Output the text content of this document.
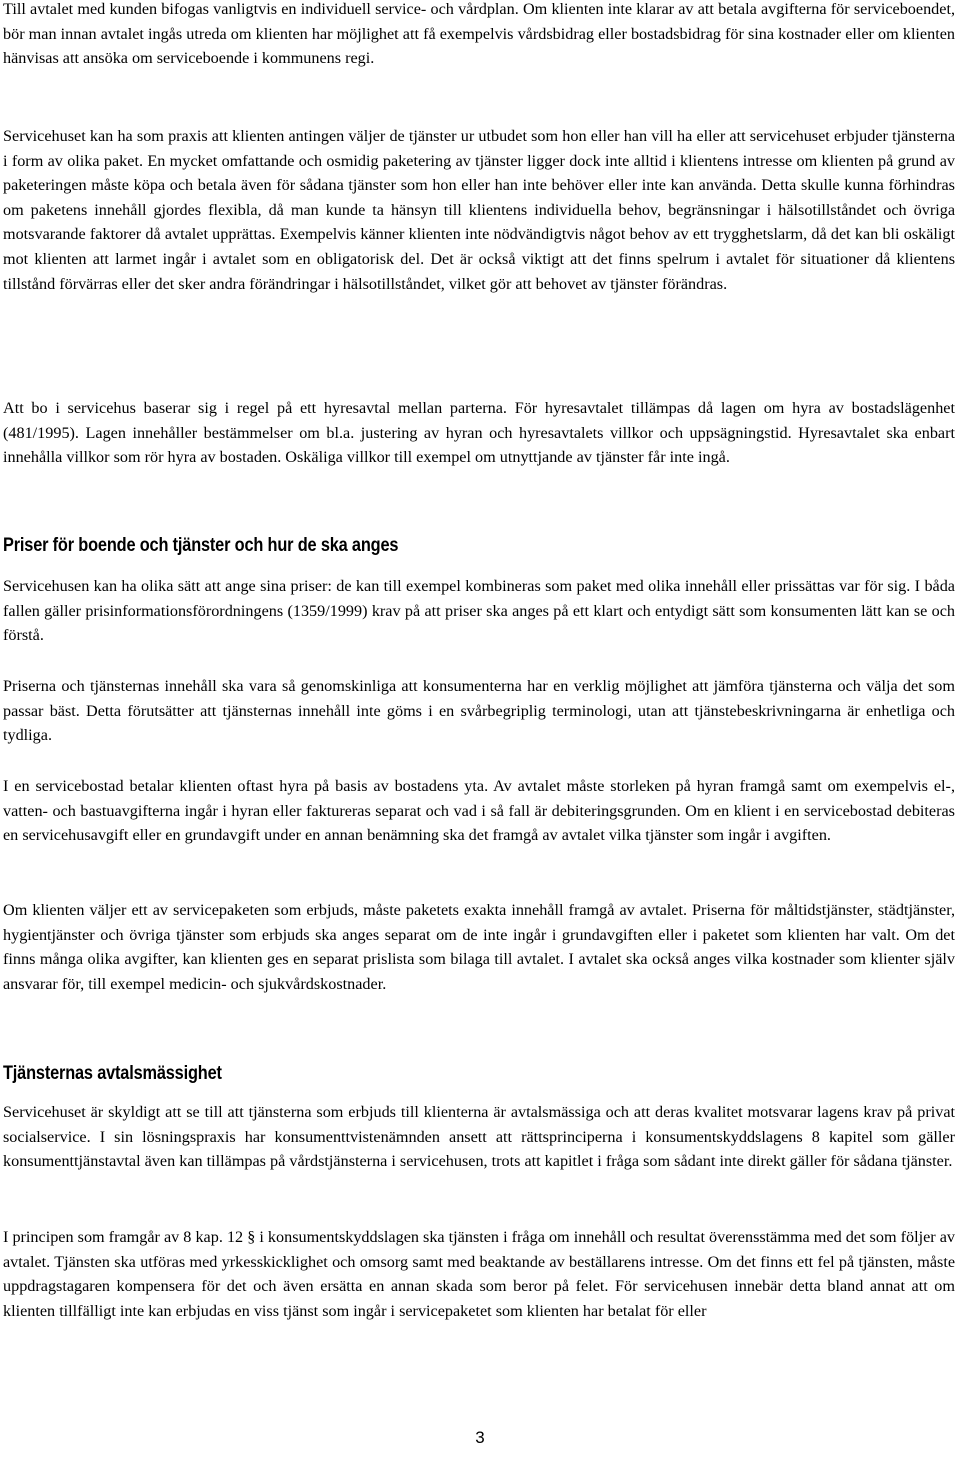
Till avtalet med kunden bifogas vanligtvis en individuell service- och vårdplan. Om klienten inte klarar av att betala avgifterna för serviceboendet, bör man innan avtalet ingås utreda om klienten har möjlighet att få exempelvis vårdsbidrag eller bostadsbidrag för sina kostnader eller om klienten hänvisas att ansöka om serviceboende i kommunens regi.

Servicehuset kan ha som praxis att klienten antingen väljer de tjänster ur utbudet som hon eller han vill ha eller att servicehuset erbjuder tjänsterna i form av olika paket. En mycket omfattande och osmidig paketering av tjänster ligger dock inte alltid i klientens intresse om klienten på grund av paketeringen måste köpa och betala även för sådana tjänster som hon eller han inte behöver eller inte kan använda. Detta skulle kunna förhindras om paketens innehåll gjordes flexibla, då man kunde ta hänsyn till klientens individuella behov, begränsningar i hälsotillståndet och övriga motsvarande faktorer då avtalet upprättas. Exempelvis känner klienten inte nödvändigtvis något behov av ett trygghetslarm, då det kan bli oskäligt mot klienten att larmet ingår i avtalet som en obligatorisk del. Det är också viktigt att det finns spelrum i avtalet för situationer då klientens tillstånd förvärras eller det sker andra förändringar i hälsotillståndet, vilket gör att behovet av tjänster förändras.

Att bo i servicehus baserar sig i regel på ett hyresavtal mellan parterna. För hyresavtalet tillämpas då lagen om hyra av bostadslägenhet (481/1995). Lagen innehåller bestämmelser om bl.a. justering av hyran och hyresavtalets villkor och uppsägningstid. Hyresavtalet ska enbart innehålla villkor som rör hyra av bostaden. Oskäliga villkor till exempel om utnyttjande av tjänster får inte ingå.

Priser för boende och tjänster och hur de ska anges

Servicehusen kan ha olika sätt att ange sina priser: de kan till exempel kombineras som paket med olika innehåll eller prissättas var för sig. I båda fallen gäller prisinformationsförordningens (1359/1999) krav på att priser ska anges på ett klart och entydigt sätt som konsumenten lätt kan se och förstå.

Priserna och tjänsternas innehåll ska vara så genomskinliga att konsumenterna har en verklig möjlighet att jämföra tjänsterna och välja det som passar bäst. Detta förutsätter att tjänsternas innehåll inte göms i en svårbegriplig terminologi, utan att tjänstebeskrivningarna är enhetliga och tydliga.

I en servicebostad betalar klienten oftast hyra på basis av bostadens yta. Av avtalet måste storleken på hyran framgå samt om exempelvis el-, vatten- och bastuavgifterna ingår i hyran eller faktureras separat och vad i så fall är debiteringsgrunden. Om en klient i en servicebostad debiteras en servicehusavgift eller en grundavgift under en annan benämning ska det framgå av avtalet vilka tjänster som ingår i avgiften.

Om klienten väljer ett av servicepaketen som erbjuds, måste paketets exakta innehåll framgå av avtalet. Priserna för måltidstjänster, städtjänster, hygientjänster och övriga tjänster som erbjuds ska anges separat om de inte ingår i grundavgiften eller i paketet som klienten har valt. Om det finns många olika avgifter, kan klienten ges en separat prislista som bilaga till avtalet. I avtalet ska också anges vilka kostnader som klienter själv ansvarar för, till exempel medicin- och sjukvårdskostnader.

Tjänsternas avtalsmässighet

Servicehuset är skyldigt att se till att tjänsterna som erbjuds till klienterna är avtalsmässiga och att deras kvalitet motsvarar lagens krav på privat socialservice. I sin lösningspraxis har konsumenttvistenämnden ansett att rättsprinciperna i konsumentskyddslagens 8 kapitel som gäller konsumenttjänstavtal även kan tillämpas på vårdstjänsterna i servicehusen, trots att kapitlet i fråga som sådant inte direkt gäller för sådana tjänster.

I principen som framgår av 8 kap. 12 § i konsumentskyddslagen ska tjänsten i fråga om innehåll och resultat överensstämma med det som följer av avtalet. Tjänsten ska utföras med yrkesskicklighet och omsorg samt med beaktande av beställarens intresse. Om det finns ett fel på tjänsten, måste uppdragstagaren kompensera för det och även ersätta en annan skada som beror på felet. För servicehusen innebär detta bland annat att om klienten tillfälligt inte kan erbjudas en viss tjänst som ingår i servicepaketet som klienten har betalat för eller

3
